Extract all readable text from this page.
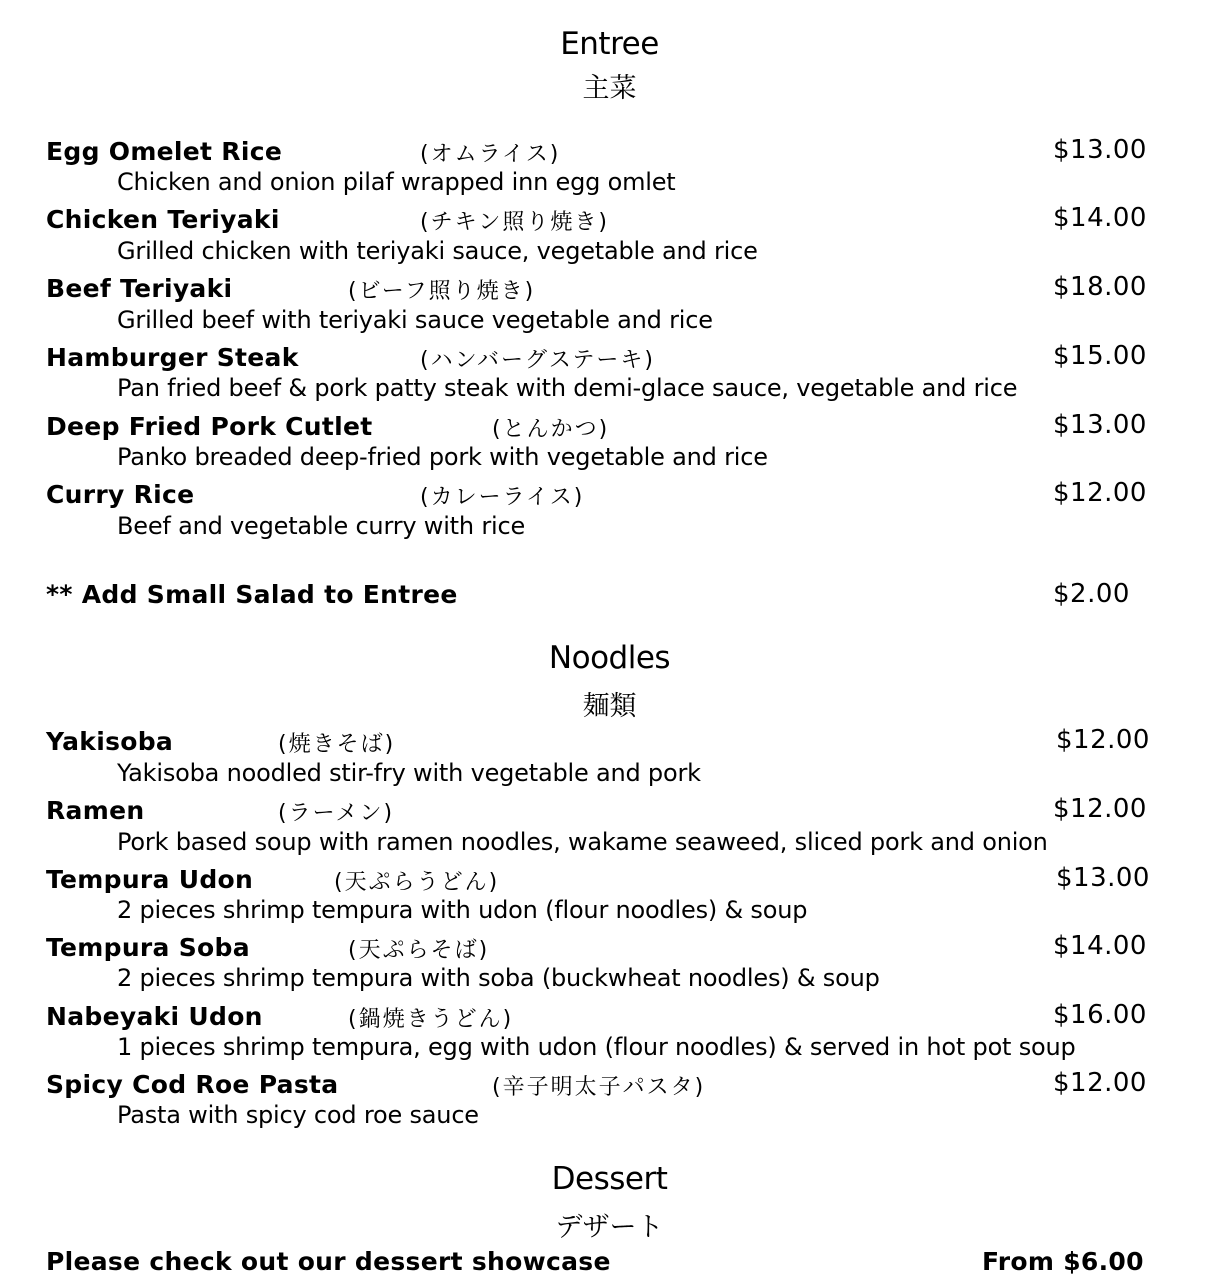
Entree
主菜
Egg Omelet Rice	(オムライス)	$13.00
Chicken and onion pilaf wrapped inn egg omlet
Chicken Teriyaki	(チキン照り焼き)	$14.00
Grilled chicken with teriyaki sauce, vegetable and rice
Beef Teriyaki	(ビーフ照り焼き)	$18.00
Grilled beef with teriyaki sauce vegetable and rice
Hamburger Steak	(ハンバーグステーキ)	$15.00
Pan fried beef & pork patty steak with demi-glace sauce, vegetable and rice
Deep Fried Pork Cutlet	(とんかつ)	$13.00
Panko breaded deep-fried pork with vegetable and rice
Curry Rice	(カレーライス)	$12.00
Beef and vegetable curry with rice
** Add Small Salad to Entree	$2.00
Noodles
麺類
Yakisoba	(焼きそば)	$12.00
Yakisoba noodled stir-fry with vegetable and pork
Ramen	(ラーメン)	$12.00
Pork based soup with ramen noodles, wakame seaweed, sliced pork and onion
Tempura Udon	(天ぷらうどん)	$13.00
2 pieces shrimp tempura with udon (flour noodles) & soup
Tempura Soba	(天ぷらそば)	$14.00
2 pieces shrimp tempura with soba (buckwheat noodles) & soup
Nabeyaki Udon	(鍋焼きうどん)	$16.00
1 pieces shrimp tempura, egg with udon (flour noodles) & served in hot pot soup
Spicy Cod Roe Pasta	(辛子明太子パスタ)	$12.00
Pasta with spicy cod roe sauce
Dessert
デザート
Please check out our dessert showcase	From $6.00
